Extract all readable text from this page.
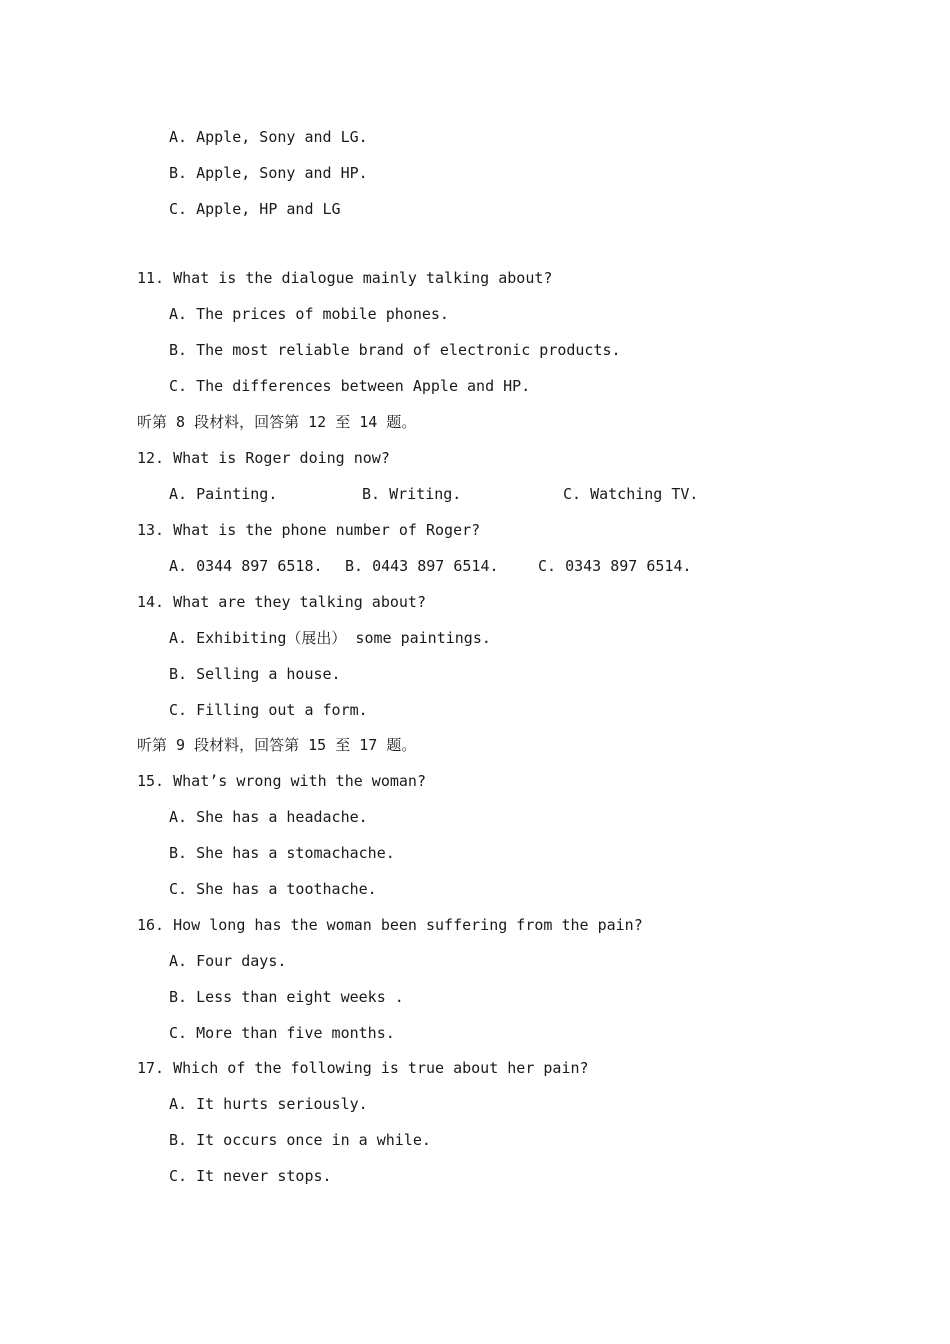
A. Apple, Sony and LG.
B. Apple, Sony and HP.
C. Apple, HP and LG
11. What is the dialogue mainly talking about?
A. The prices of mobile phones.
B. The most reliable brand of electronic products.
C. The differences between Apple and HP.
听第 8 段材料，回答第 12 至 14 题。
12. What is Roger doing now?
A. Painting.	B. Writing.	C. Watching TV.
13. What is the phone number of Roger?
A. 0344 897 6518. B. 0443 897 6514.	C. 0343 897 6514.
14. What are they talking about?
A. Exhibiting（展出） some paintings.
B. Selling a house.
C. Filling out a form.
听第 9 段材料，回答第 15 至 17 题。
15. What’s wrong with the woman?
A. She has a headache.
B. She has a stomachache.
C. She has a toothache.
16. How long has the woman been suffering from the pain?
A. Four days.
B. Less than eight weeks .
C. More than five months.
17. Which of the following is true about her pain?
A. It hurts seriously.
B. It occurs once in a while.
C. It never stops.
